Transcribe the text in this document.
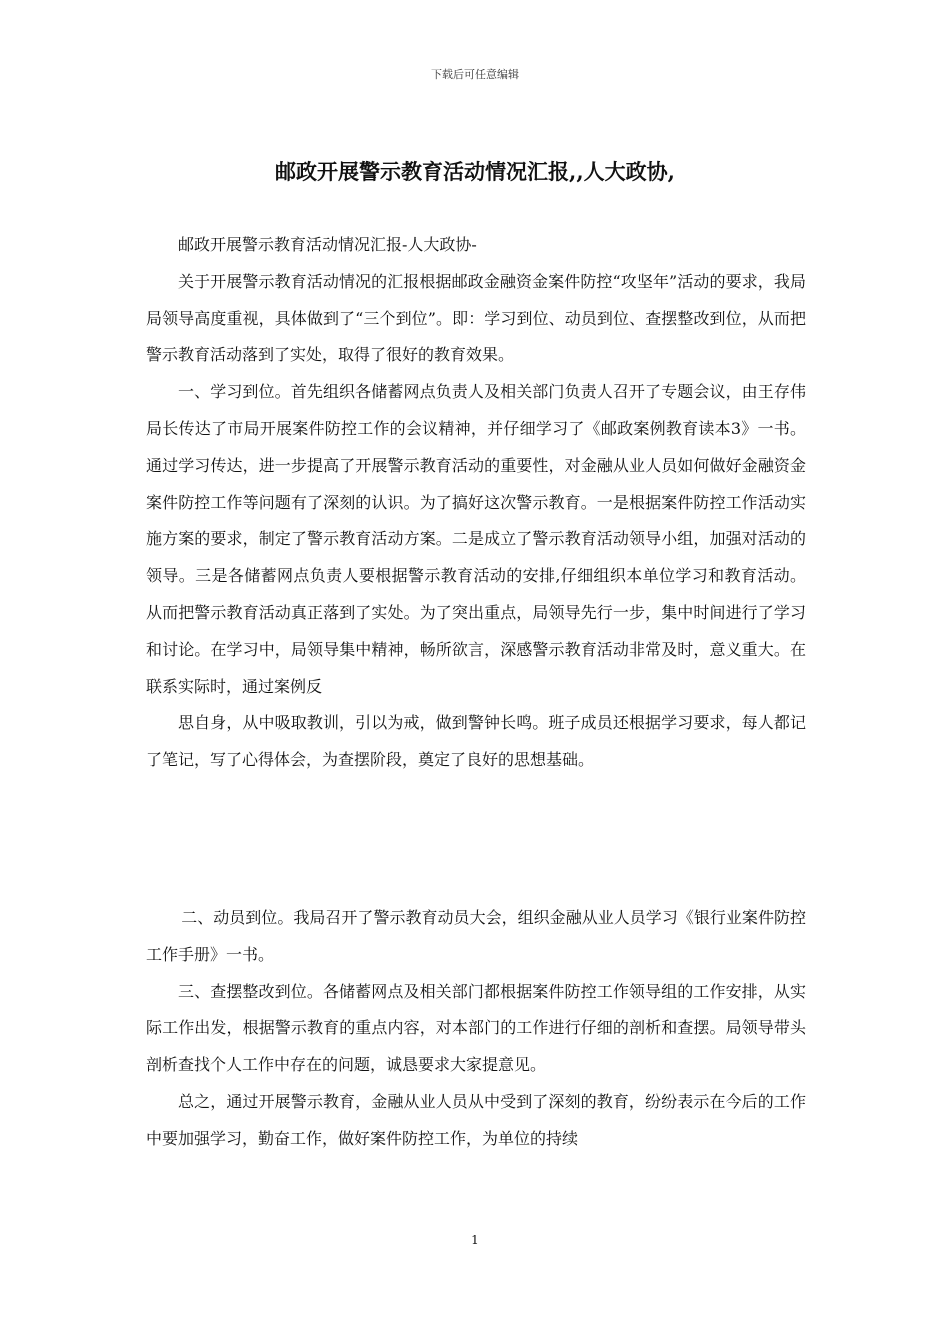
下载后可任意编辑
邮政开展警示教育活动情况汇报,,人大政协,

邮政开展警示教育活动情况汇报-人大政协-

关于开展警示教育活动情况的汇报根据邮政金融资金案件防控“攻坚年”活动的要求，我局局领导高度重视，具体做到了“三个到位”。即：学习到位、动员到位、查摆整改到位，从而把警示教育活动落到了实处，取得了很好的教育效果。

一、学习到位。首先组织各储蓄网点负责人及相关部门负责人召开了专题会议，由王存伟局长传达了市局开展案件防控工作的会议精神，并仔细学习了《邮政案例教育读本3》一书。通过学习传达，进一步提高了开展警示教育活动的重要性，对金融从业人员如何做好金融资金案件防控工作等问题有了深刻的认识。为了搞好这次警示教育。一是根据案件防控工作活动实施方案的要求，制定了警示教育活动方案。二是成立了警示教育活动领导小组，加强对活动的领导。三是各储蓄网点负责人要根据警示教育活动的安排,仔细组织本单位学习和教育活动。从而把警示教育活动真正落到了实处。为了突出重点，局领导先行一步，集中时间进行了学习和讨论。在学习中，局领导集中精神，畅所欲言，深感警示教育活动非常及时，意义重大。在联系实际时，通过案例反

思自身，从中吸取教训，引以为戒，做到警钟长鸣。班子成员还根据学习要求，每人都记了笔记，写了心得体会，为查摆阶段，奠定了良好的思想基础。

二、动员到位。我局召开了警示教育动员大会，组织金融从业人员学习《银行业案件防控工作手册》一书。

三、查摆整改到位。各储蓄网点及相关部门都根据案件防控工作领导组的工作安排，从实际工作出发，根据警示教育的重点内容，对本部门的工作进行仔细的剖析和查摆。局领导带头剖析查找个人工作中存在的问题，诚恳要求大家提意见。

总之，通过开展警示教育，金融从业人员从中受到了深刻的教育，纷纷表示在今后的工作中要加强学习，勤奋工作，做好案件防控工作，为单位的持续

1
